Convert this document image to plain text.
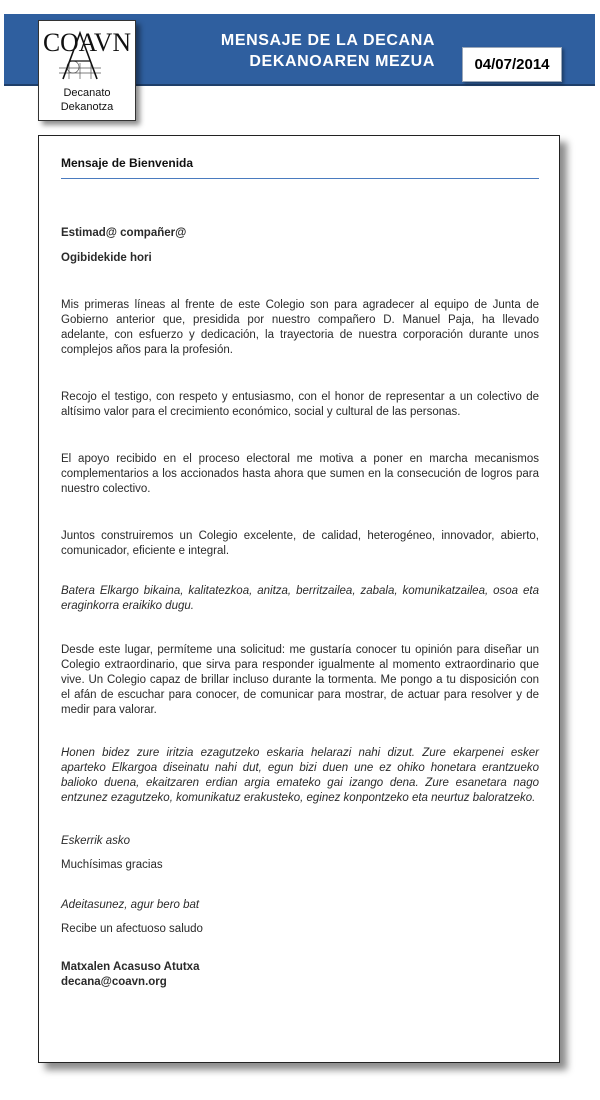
MENSAJE DE LA DECANA
DEKANOAREN MEZUA	04/07/2014
COAVN
Decanato
Dekanotza
Mensaje de Bienvenida

Estimad@ compañer@

Ogibidekide hori

Mis primeras líneas al frente de este Colegio son para agradecer al equipo de Junta de Gobierno anterior que, presidida por nuestro compañero D. Manuel Paja, ha llevado adelante, con esfuerzo y dedicación, la trayectoria de nuestra corporación durante unos complejos años para la profesión.

Recojo el testigo, con respeto y entusiasmo, con el honor de representar a un colectivo de altísimo valor para el crecimiento económico, social y cultural de las personas.

El apoyo recibido en el proceso electoral me motiva a poner en marcha mecanismos complementarios a los accionados hasta ahora que sumen en la consecución de logros para nuestro colectivo.

Juntos construiremos un Colegio excelente, de calidad, heterogéneo, innovador, abierto, comunicador, eficiente e integral.

Batera Elkargo bikaina, kalitatezkoa, anitza, berritzailea, zabala, komunikatzailea, osoa eta eraginkorra eraikiko dugu.

Desde este lugar, permíteme una solicitud: me gustaría conocer tu opinión para diseñar un Colegio extraordinario, que sirva para responder igualmente al momento extraordinario que vive. Un Colegio capaz de brillar incluso durante la tormenta. Me pongo a tu disposición con el afán de escuchar para conocer, de comunicar para mostrar, de actuar para resolver y de medir para valorar.

Honen bidez zure iritzia ezagutzeko eskaria helarazi nahi dizut. Zure ekarpenei esker aparteko Elkargoa diseinatu nahi dut, egun bizi duen une ez ohiko honetara erantzueko balioko duena, ekaitzaren erdian argia emateko gai izango dena. Zure esanetara nago entzunez ezagutzeko, komunikatuz erakusteko, eginez konpontzeko eta neurtuz baloratzeko.

Eskerrik asko

Muchísimas gracias

Adeitasunez, agur bero bat

Recibe un afectuoso saludo

Matxalen Acasuso Atutxa

decana@coavn.org
